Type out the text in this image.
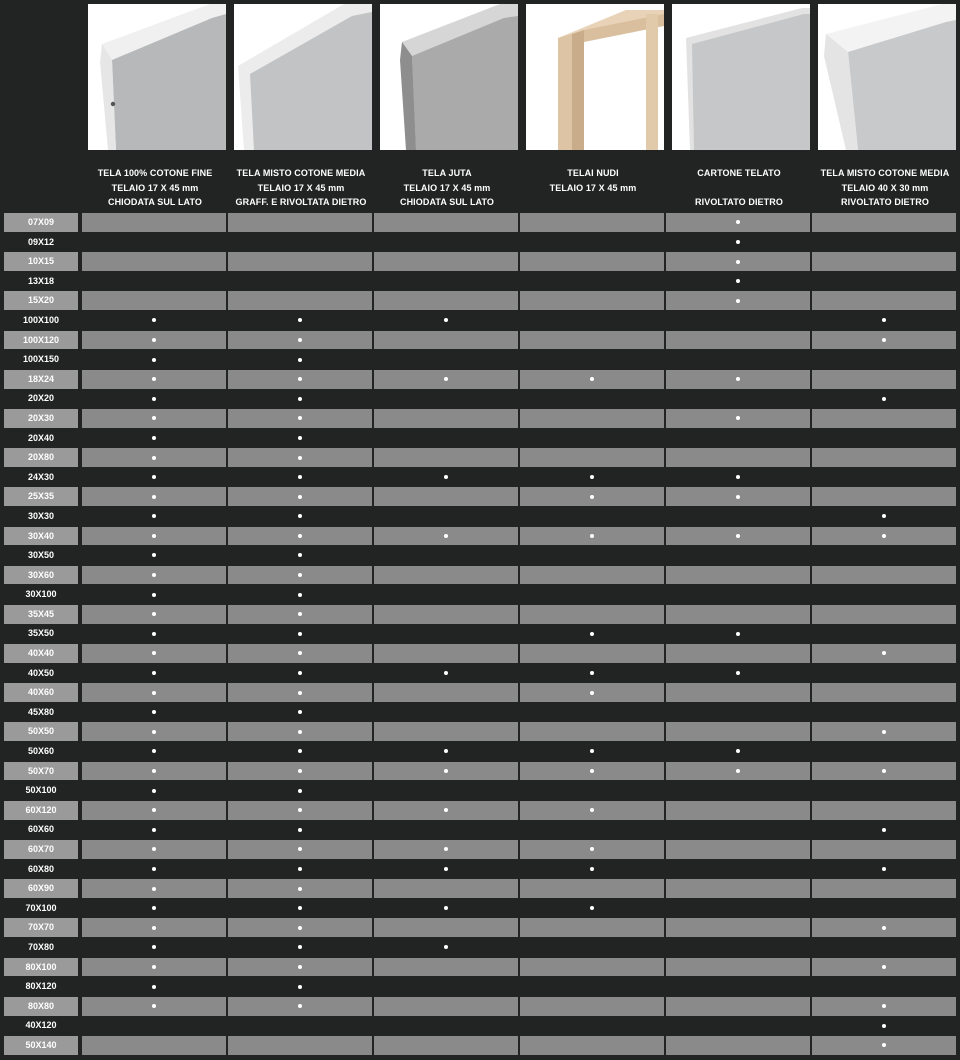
TELA 100% COTONE FINE
TELAIO 17 X 45 mm
CHIODATA SUL LATO
TELA MISTO COTONE MEDIA
TELAIO 17 X 45 mm
GRAFF. E RIVOLTATA DIETRO
TELA JUTA
TELAIO 17 X 45 mm
CHIODATA SUL LATO
TELAI NUDI
TELAIO 17 X 45 mm

CARTONE TELATO

RIVOLTATO DIETRO
TELA MISTO COTONE MEDIA
TELAIO 40 X 30 mm
RIVOLTATO DIETRO
07X09
09X12
10X15
13X18
15X20
100X100
100X120
100X150
18X24
20X20
20X30
20X40
20X80
24X30
25X35
30X30
30X40
30X50
30X60
30X100
35X45
35X50
40X40
40X50
40X60
45X80
50X50
50X60
50X70
50X100
60X120
60X60
60X70
60X80
60X90
70X100
70X70
70X80
80X100
80X120
80X80
40X120
50X140
